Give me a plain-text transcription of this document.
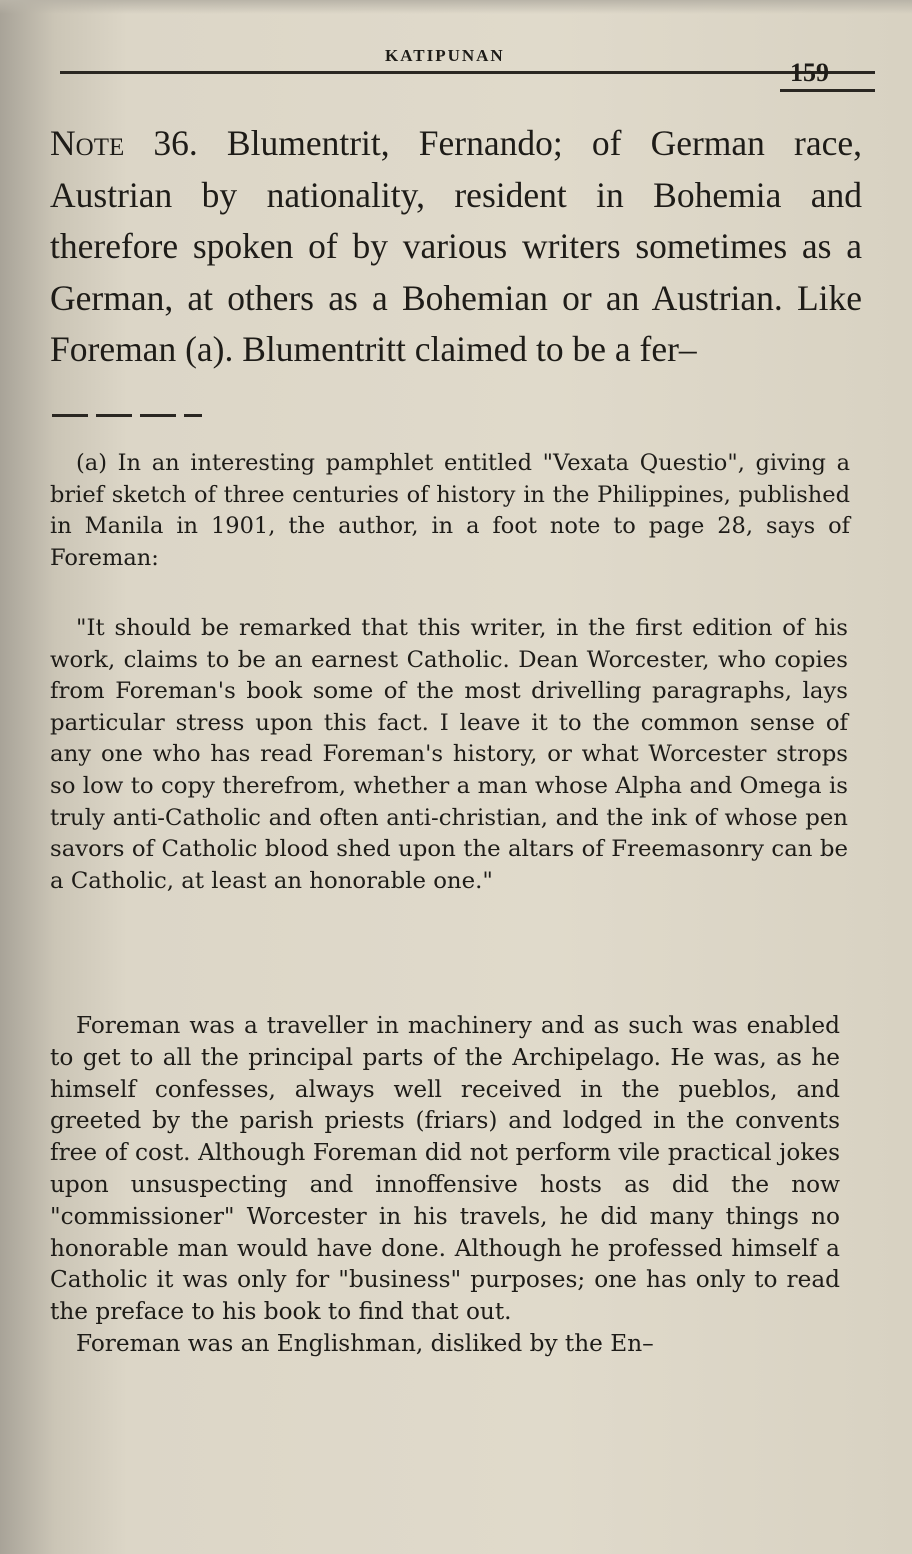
KATIPUNAN
159
Note 36. Blumentrit, Fernando; of German race, Austrian by nationality, resident in Bohemia and therefore spoken of by various writers sometimes as a German, at others as a Bohemian or an Austrian. Like Foreman (a). Blumentritt claimed to be a fer–
(a) In an interesting pamphlet entitled "Vexata Questio", giving a brief sketch of three centuries of history in the Philippines, published in Manila in 1901, the author, in a foot note to page 28, says of Foreman:
"It should be remarked that this writer, in the first edition of his work, claims to be an earnest Catholic. Dean Worcester, who copies from Foreman's book some of the most drivelling paragraphs, lays particular stress upon this fact. I leave it to the common sense of any one who has read Foreman's history, or what Worcester strops so low to copy therefrom, whether a man whose Alpha and Omega is truly anti-Catholic and often anti-christian, and the ink of whose pen savors of Catholic blood shed upon the altars of Freemasonry can be a Catholic, at least an honorable one."

Foreman was a traveller in machinery and as such was enabled to get to all the principal parts of the Archipelago. He was, as he himself confesses, always well received in the pueblos, and greeted by the parish priests (friars) and lodged in the convents free of cost. Although Foreman did not perform vile practical jokes upon unsuspecting and innoffensive hosts as did the now "commissioner" Worcester in his travels, he did many things no honorable man would have done. Although he professed himself a Catholic it was only for "business" purposes; one has only to read the preface to his book to find that out.

Foreman was an Englishman, disliked by the En–
